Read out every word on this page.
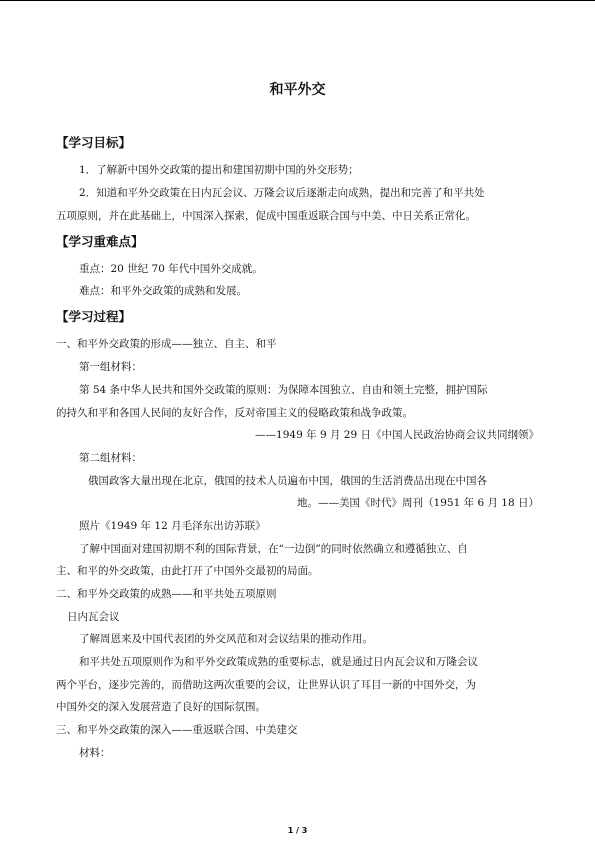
和平外交
【学习目标】
1．了解新中国外交政策的提出和建国初期中国的外交形势；
2．知道和平外交政策在日内瓦会议、万隆会议后逐渐走向成熟，提出和完善了和平共处
五项原则，并在此基础上，中国深入探索，促成中国重返联合国与中美、中日关系正常化。
【学习重难点】
重点：20 世纪 70 年代中国外交成就。
难点：和平外交政策的成熟和发展。
【学习过程】
一、和平外交政策的形成——独立、自主、和平
第一组材料：
第 54 条中华人民共和国外交政策的原则：为保障本国独立、自由和领土完整，拥护国际
的持久和平和各国人民间的友好合作，反对帝国主义的侵略政策和战争政策。
——1949 年 9 月 29 日《中国人民政治协商会议共同纲领》
第二组材料：
俄国政客大量出现在北京，俄国的技术人员遍布中国，俄国的生活消费品出现在中国各
地。——美国《时代》周刊（1951 年 6 月 18 日）
照片《1949 年 12 月毛泽东出访苏联》
了解中国面对建国初期不利的国际背景，在“一边倒”的同时依然确立和遵循独立、自
主、和平的外交政策，由此打开了中国外交最初的局面。
二、和平外交政策的成熟——和平共处五项原则
日内瓦会议
了解周恩来及中国代表团的外交风范和对会议结果的推动作用。
和平共处五项原则作为和平外交政策成熟的重要标志，就是通过日内瓦会议和万隆会议
两个平台，逐步完善的，而借助这两次重要的会议，让世界认识了耳目一新的中国外交，为
中国外交的深入发展营造了良好的国际氛围。
三、和平外交政策的深入——重返联合国、中美建交
材料：
1 / 3
